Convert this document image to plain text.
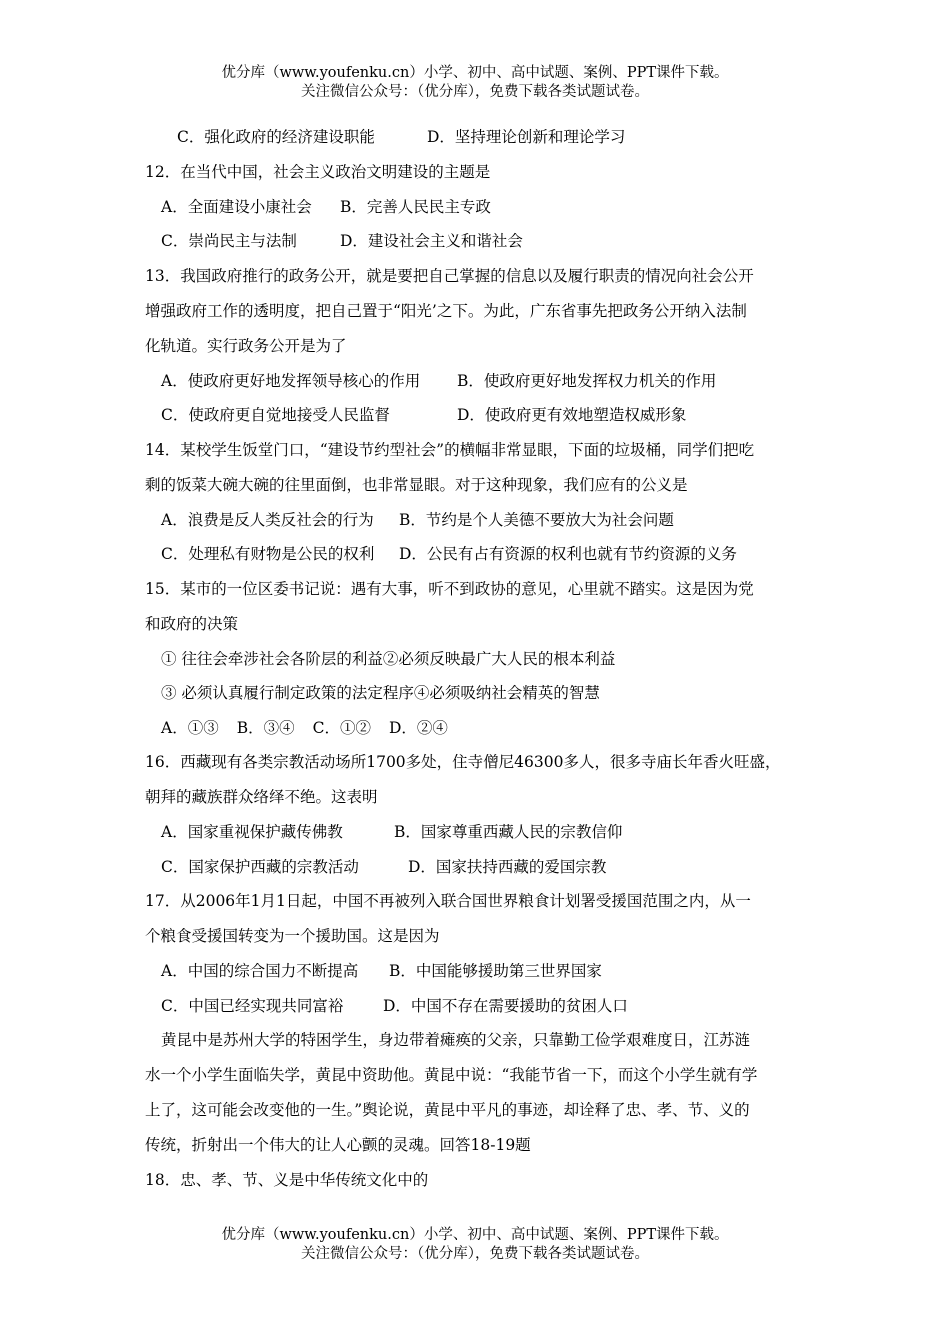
优分库（www.youfenku.cn）小学、初中、高中试题、案例、PPT课件下载。
关注微信公众号：（优分库），免费下载各类试题试卷。
C．强化政府的经济建设职能	D．坚持理论创新和理论学习
12．在当代中国，社会主义政治文明建设的主题是
A．全面建设小康社会 B．完善人民民主专政
C．崇尚民主与法制	D．建设社会主义和谐社会
13．我国政府推行的政务公开，就是要把自己掌握的信息以及履行职责的情况向社会公开
增强政府工作的透明度，把自己置于“阳光’之下。为此，广东省事先把政务公开纳入法制
化轨道。实行政务公开是为了
A．使政府更好地发挥领导核心的作用 B．使政府更好地发挥权力机关的作用
C．使政府更自觉地接受人民监督	D．使政府更有效地塑造权威形象
14．某校学生饭堂门口，“建设节约型社会”的横幅非常显眼，下面的垃圾桶，同学们把吃
剩的饭菜大碗大碗的往里面倒，也非常显眼。对于这种现象，我们应有的公义是
A．浪费是反人类反社会的行为 B．节约是个人美德不要放大为社会问题
C．处理私有财物是公民的权利 D．公民有占有资源的权利也就有节约资源的义务
15．某市的一位区委书记说：遇有大事，听不到政协的意见，心里就不踏实。这是因为党
和政府的决策
① 往往会牵涉社会各阶层的利益②必须反映最广大人民的根本利益
③ 必须认真履行制定政策的法定程序④必须吸纳社会精英的智慧
A．①③ B．③④ C．①② D．②④
16．西藏现有各类宗教活动场所1700多处，住寺僧尼46300多人，很多寺庙长年香火旺盛，
朝拜的藏族群众络绎不绝。这表明
A．国家重视保护藏传佛教	B．国家尊重西藏人民的宗教信仰
C．国家保护西藏的宗教活动	D．国家扶持西藏的爱国宗教
17．从2006年1月1日起，中国不再被列入联合国世界粮食计划署受援国范围之内，从一
个粮食受援国转变为一个援助国。这是因为
A．中国的综合国力不断提高 B．中国能够援助第三世界国家
C．中国已经实现共同富裕	D．中国不存在需要援助的贫困人口
黄昆中是苏州大学的特困学生，身边带着瘫痪的父亲，只靠勤工俭学艰难度日，江苏涟
水一个小学生面临失学，黄昆中资助他。黄昆中说：“我能节省一下，而这个小学生就有学
上了，这可能会改变他的一生。”舆论说，黄昆中平凡的事迹，却诠释了忠、孝、节、义的
传统，折射出一个伟大的让人心颤的灵魂。回答18-19题
18．忠、孝、节、义是中华传统文化中的
优分库（www.youfenku.cn）小学、初中、高中试题、案例、PPT课件下载。
关注微信公众号：（优分库），免费下载各类试题试卷。
